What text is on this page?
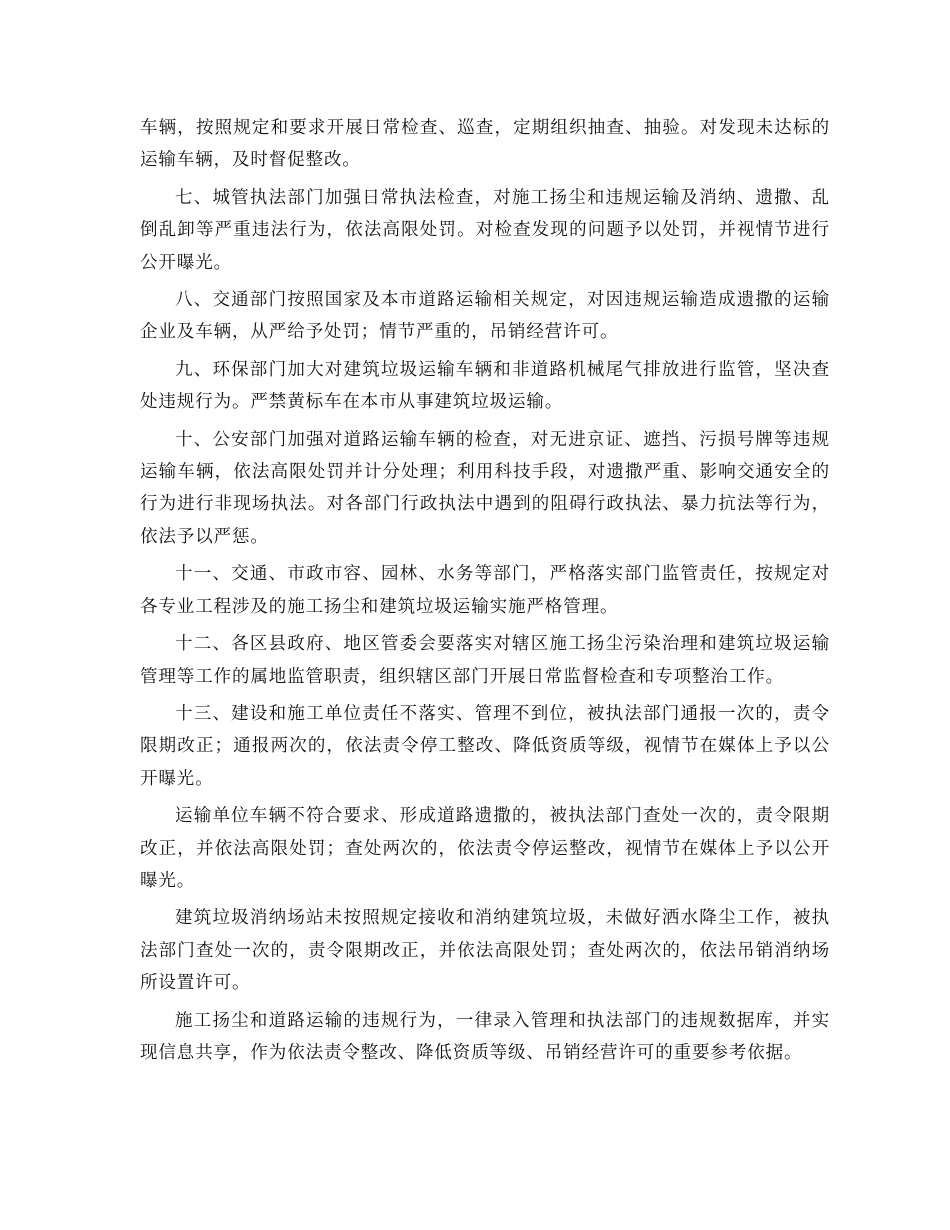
车辆，按照规定和要求开展日常检查、巡查，定期组织抽查、抽验。对发现未达标的运输车辆，及时督促整改。

七、城管执法部门加强日常执法检查，对施工扬尘和违规运输及消纳、遗撒、乱倒乱卸等严重违法行为，依法高限处罚。对检查发现的问题予以处罚，并视情节进行公开曝光。

八、交通部门按照国家及本市道路运输相关规定，对因违规运输造成遗撒的运输企业及车辆，从严给予处罚；情节严重的，吊销经营许可。

九、环保部门加大对建筑垃圾运输车辆和非道路机械尾气排放进行监管，坚决查处违规行为。严禁黄标车在本市从事建筑垃圾运输。

十、公安部门加强对道路运输车辆的检查，对无进京证、遮挡、污损号牌等违规运输车辆，依法高限处罚并计分处理；利用科技手段，对遗撒严重、影响交通安全的行为进行非现场执法。对各部门行政执法中遇到的阻碍行政执法、暴力抗法等行为，依法予以严惩。

十一、交通、市政市容、园林、水务等部门，严格落实部门监管责任，按规定对各专业工程涉及的施工扬尘和建筑垃圾运输实施严格管理。

十二、各区县政府、地区管委会要落实对辖区施工扬尘污染治理和建筑垃圾运输管理等工作的属地监管职责，组织辖区部门开展日常监督检查和专项整治工作。

十三、建设和施工单位责任不落实、管理不到位，被执法部门通报一次的，责令限期改正；通报两次的，依法责令停工整改、降低资质等级，视情节在媒体上予以公开曝光。

运输单位车辆不符合要求、形成道路遗撒的，被执法部门查处一次的，责令限期改正，并依法高限处罚；查处两次的，依法责令停运整改，视情节在媒体上予以公开曝光。

建筑垃圾消纳场站未按照规定接收和消纳建筑垃圾，未做好洒水降尘工作，被执法部门查处一次的，责令限期改正，并依法高限处罚；查处两次的，依法吊销消纳场所设置许可。

施工扬尘和道路运输的违规行为，一律录入管理和执法部门的违规数据库，并实现信息共享，作为依法责令整改、降低资质等级、吊销经营许可的重要参考依据。
